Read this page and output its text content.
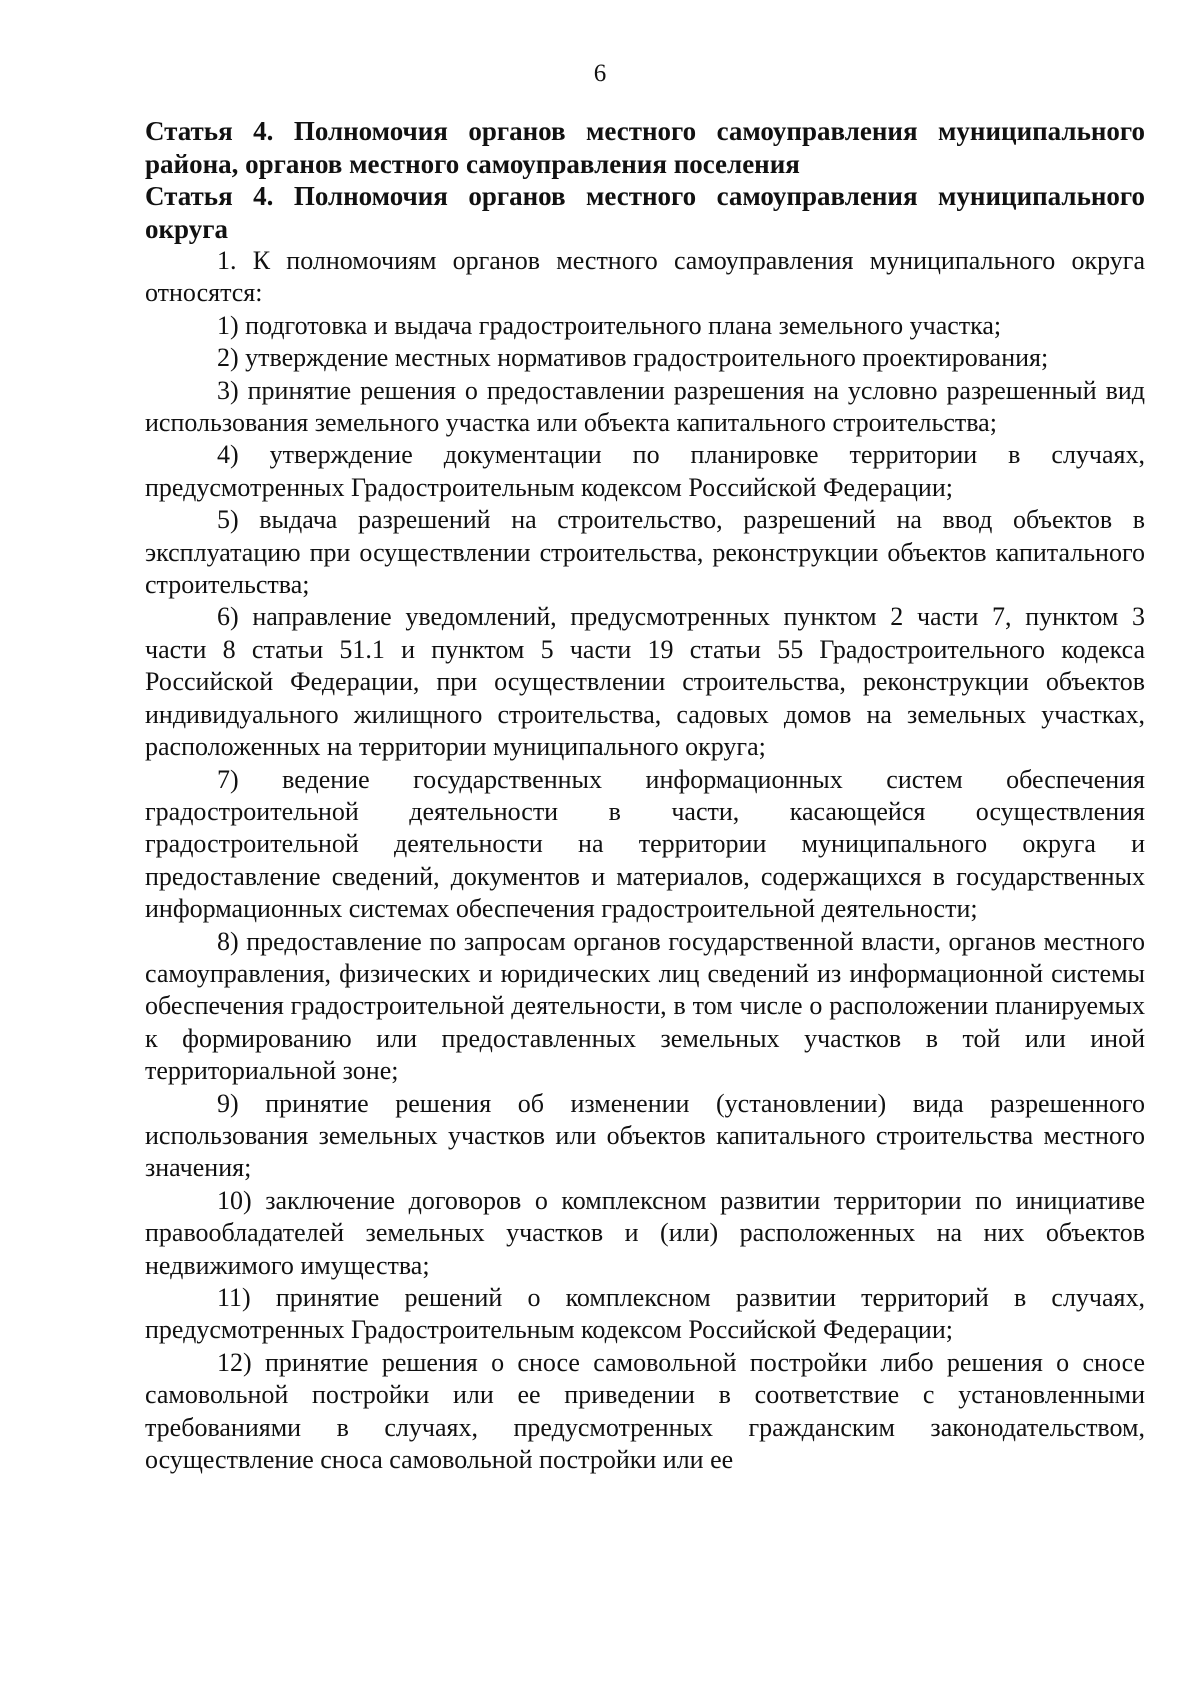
6

Статья 4. Полномочия органов местного самоуправления муниципального района, органов местного самоуправления поселения

Статья 4. Полномочия органов местного самоуправления муниципального округа

1. К полномочиям органов местного самоуправления муниципального округа относятся:

1) подготовка и выдача градостроительного плана земельного участка;

2) утверждение местных нормативов градостроительного проектирования;

3) принятие решения о предоставлении разрешения на условно разрешенный вид использования земельного участка или объекта капитального строительства;

4) утверждение документации по планировке территории в случаях, предусмотренных Градостроительным кодексом Российской Федерации;

5) выдача разрешений на строительство, разрешений на ввод объектов в эксплуатацию при осуществлении строительства, реконструкции объектов капитального строительства;

6) направление уведомлений, предусмотренных пунктом 2 части 7, пунктом 3 части 8 статьи 51.1 и пунктом 5 части 19 статьи 55 Градостроительного кодекса Российской Федерации, при осуществлении строительства, реконструкции объектов индивидуального жилищного строительства, садовых домов на земельных участках, расположенных на территории муниципального округа;

7) ведение государственных информационных систем обеспечения градостроительной деятельности в части, касающейся осуществления градостроительной деятельности на территории муниципального округа и предоставление сведений, документов и материалов, содержащихся в государственных информационных системах обеспечения градостроительной деятельности;

8) предоставление по запросам органов государственной власти, органов местного самоуправления, физических и юридических лиц сведений из информационной системы обеспечения градостроительной деятельности, в том числе о расположении планируемых к формированию или предоставленных земельных участков в той или иной территориальной зоне;

9) принятие решения об изменении (установлении) вида разрешенного использования земельных участков или объектов капитального строительства местного значения;

10) заключение договоров о комплексном развитии территории по инициативе правообладателей земельных участков и (или) расположенных на них объектов недвижимого имущества;

11) принятие решений о комплексном развитии территорий в случаях, предусмотренных Градостроительным кодексом Российской Федерации;

12) принятие решения о сносе самовольной постройки либо решения о сносе самовольной постройки или ее приведении в соответствие с установленными требованиями в случаях, предусмотренных гражданским законодательством, осуществление сноса самовольной постройки или ее
